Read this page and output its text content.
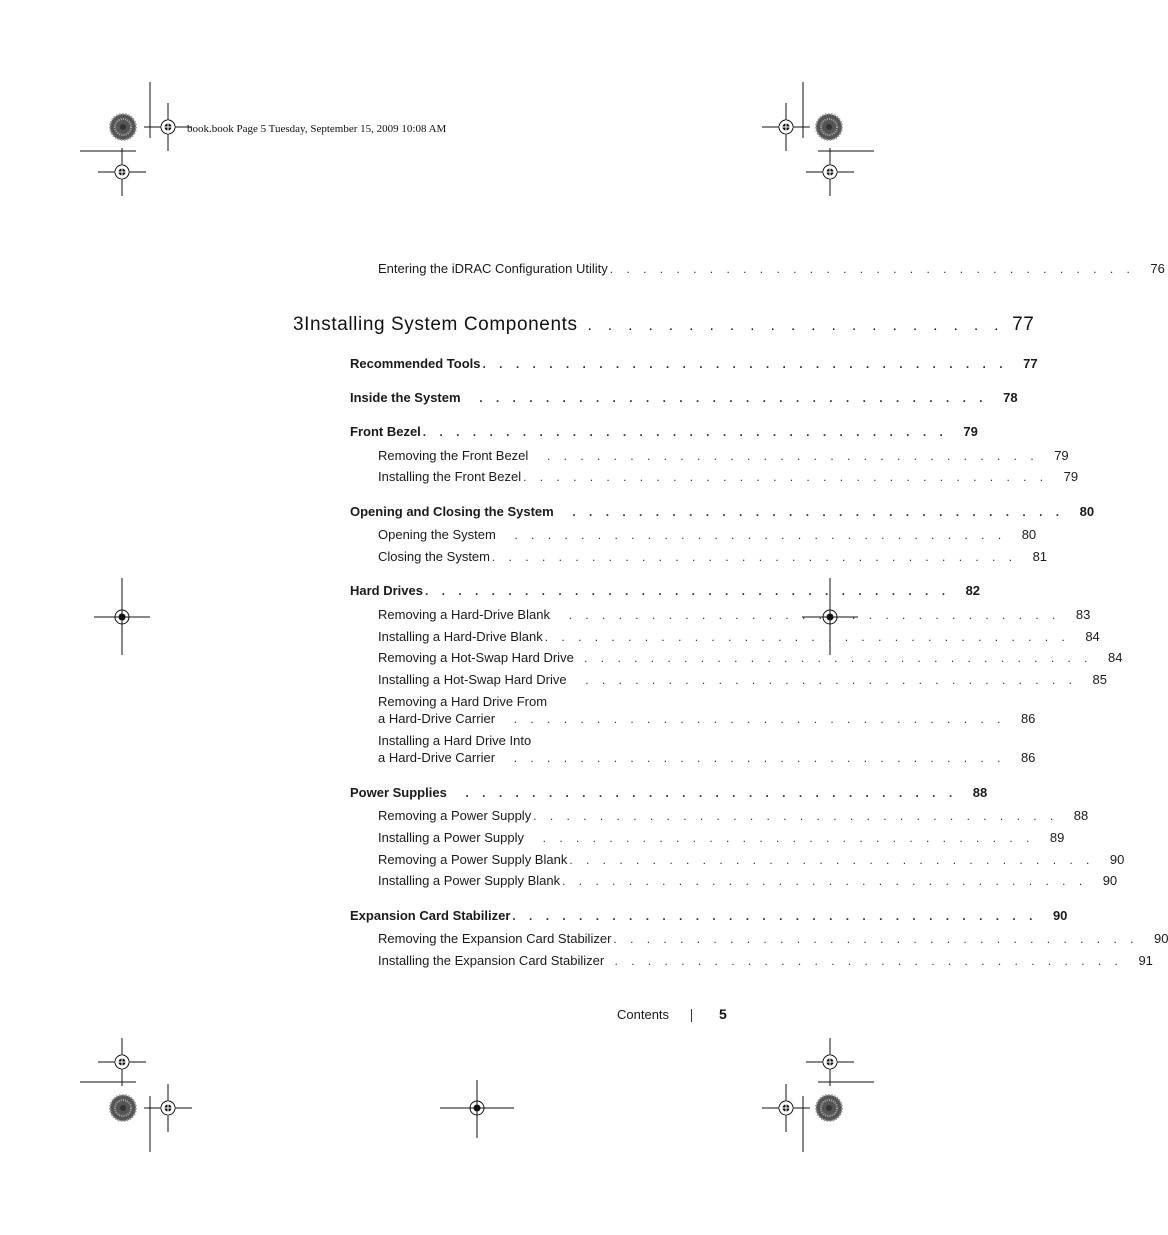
book.book Page 5 Tuesday, September 15, 2009 10:08 AM
Entering the iDRAC Configuration Utility . . . . . . . . . . . . . . . . . . . . . . . . . . . . . . . .	76
3 Installing System Components . . . . . . . . . . . . . . . . . . . . . 77
Recommended Tools . . . . . . . . . . . . . . . . . . . . . . . . . . . . . . . .	77
Inside the System . . . . . . . . . . . . . . . . . . . . . . . . . . . . . . .	78
Front Bezel . . . . . . . . . . . . . . . . . . . . . . . . . . . . . . . .	79
Removing the Front Bezel . . . . . . . . . . . . . . . . . . . . . . . . . . . . . .	79
Installing the Front Bezel . . . . . . . . . . . . . . . . . . . . . . . . . . . . . . . .	79
Opening and Closing the System . . . . . . . . . . . . . . . . . . . . . . . . . . . . . .	80
Opening the System . . . . . . . . . . . . . . . . . . . . . . . . . . . . . .	80
Closing the System . . . . . . . . . . . . . . . . . . . . . . . . . . . . . . . .	81
Hard Drives . . . . . . . . . . . . . . . . . . . . . . . . . . . . . . . .	82
Removing a Hard-Drive Blank . . . . . . . . . . . . . . . . . . . . . . . . . . . . . .	83
Installing a Hard-Drive Blank . . . . . . . . . . . . . . . . . . . . . . . . . . . . . . . .	84
Removing a Hot-Swap Hard Drive . . . . . . . . . . . . . . . . . . . . . . . . . . . . . . .	84
Installing a Hot-Swap Hard Drive . . . . . . . . . . . . . . . . . . . . . . . . . . . . . .	85
Removing a Hard Drive From
a Hard-Drive Carrier . . . . . . . . . . . . . . . . . . . . . . . . . . . . . .	86
Installing a Hard Drive Into
a Hard-Drive Carrier . . . . . . . . . . . . . . . . . . . . . . . . . . . . . .	86
Power Supplies . . . . . . . . . . . . . . . . . . . . . . . . . . . . . .	88
Removing a Power Supply . . . . . . . . . . . . . . . . . . . . . . . . . . . . . . . .	88
Installing a Power Supply . . . . . . . . . . . . . . . . . . . . . . . . . . . . . .	89
Removing a Power Supply Blank . . . . . . . . . . . . . . . . . . . . . . . . . . . . . . . .	90
Installing a Power Supply Blank . . . . . . . . . . . . . . . . . . . . . . . . . . . . . . . .	90
Expansion Card Stabilizer . . . . . . . . . . . . . . . . . . . . . . . . . . . . . . . .	90
Removing the Expansion Card Stabilizer . . . . . . . . . . . . . . . . . . . . . . . . . . . . . . . .	90
Installing the Expansion Card Stabilizer . . . . . . . . . . . . . . . . . . . . . . . . . . . . . . .	91
Contents	5
